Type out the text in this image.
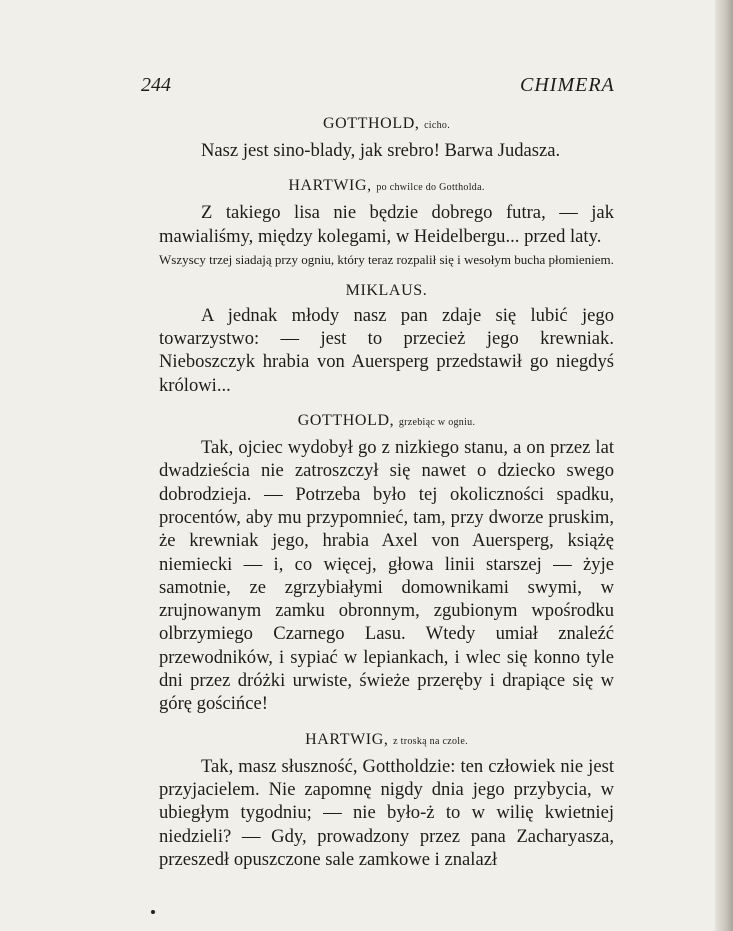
244	CHIMERA

GOTTHOLD, cicho.

Nasz jest sino-blady, jak srebro! Barwa Judasza.

HARTWIG, po chwilce do Gottholda.

Z takiego lisa nie będzie dobrego futra, — jak mawialiśmy, między kolegami, w Heidelbergu... przed laty.

Wszyscy trzej siadają przy ogniu, który teraz rozpalił się i wesołym bucha płomieniem.

MIKLAUS.

A jednak młody nasz pan zdaje się lubić jego towarzystwo: — jest to przecież jego krewniak. Nieboszczyk hrabia von Auersperg przedstawił go niegdyś królowi...

GOTTHOLD, grzebiąc w ogniu.

Tak, ojciec wydobył go z nizkiego stanu, a on przez lat dwadzieścia nie zatroszczył się nawet o dziecko swego dobrodzieja. — Potrzeba było tej okoliczności spadku, procentów, aby mu przypomnieć, tam, przy dworze pruskim, że krewniak jego, hrabia Axel von Auersperg, książę niemiecki — i, co więcej, głowa linii starszej — żyje samotnie, ze zgrzybiałymi domownikami swymi, w zrujnowanym zamku obronnym, zgubionym wpośrodku olbrzymiego Czarnego Lasu. Wtedy umiał znaleźć przewodników, i sypiać w lepiankach, i wlec się konno tyle dni przez dróżki urwiste, świeże przeręby i drapiące się w górę gościńce!

HARTWIG, z troską na czole.

Tak, masz słuszność, Gottholdzie: ten człowiek nie jest przyjacielem. Nie zapomnę nigdy dnia jego przybycia, w ubiegłym tygodniu; — nie było-ż to w wilię kwietniej niedzieli? — Gdy, prowadzony przez pana Zacharyasza, przeszedł opuszczone sale zamkowe i znalazł
